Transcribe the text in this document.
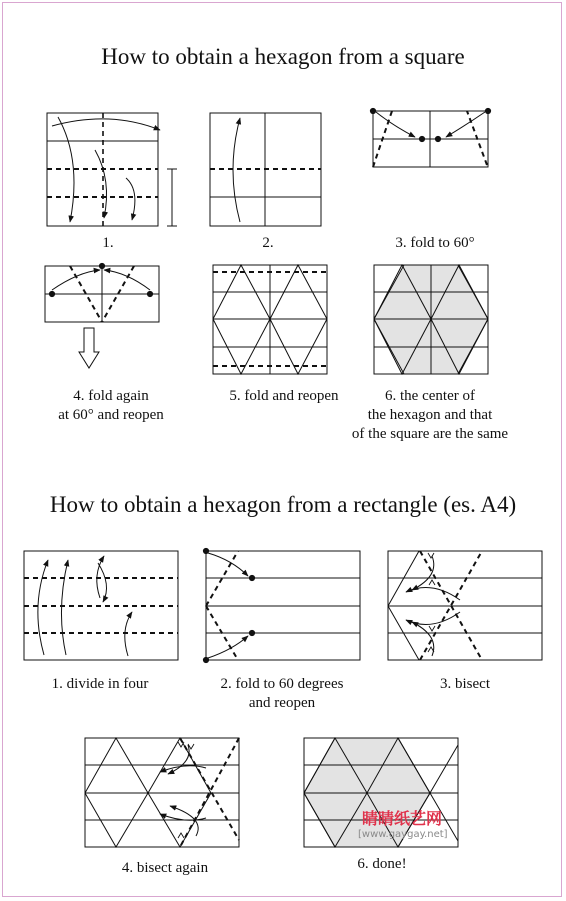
How to obtain a hexagon from a square
How to obtain a hexagon from a rectangle (es. A4)
1.	2.	3. fold to 60°
4. fold again
at 60° and reopen
5. fold and reopen	6. the center of
the hexagon and that
of the square are the same
1. divide in four	2. fold to 60 degrees
and reopen
3. bisect
4. bisect again	6. done!
睛睛纸艺网
[www.gaygay.net]
